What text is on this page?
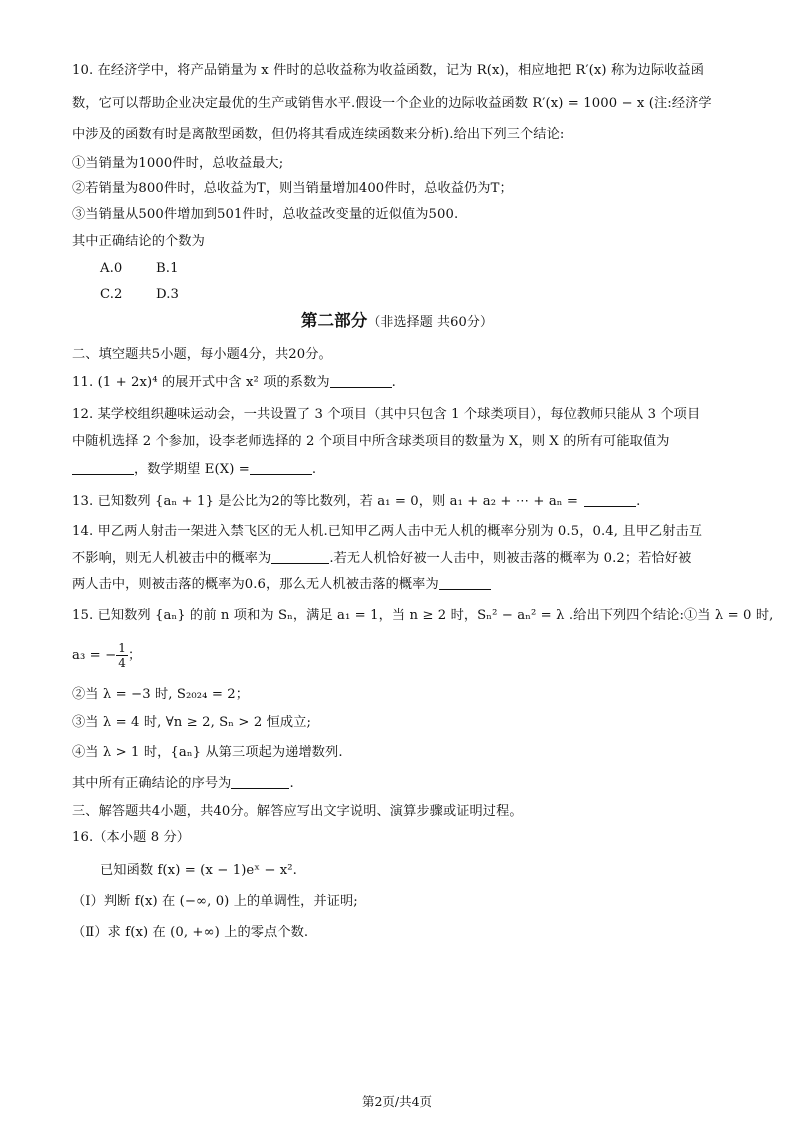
10. 在经济学中，将产品销量为 x 件时的总收益称为收益函数，记为 R(x)，相应地把 R′(x) 称为边际收益函
数，它可以帮助企业决定最优的生产或销售水平.假设一个企业的边际收益函数 R′(x) = 1000 − x (注:经济学
中涉及的函数有时是离散型函数，但仍将其看成连续函数来分析).给出下列三个结论:
①当销量为1000件时，总收益最大;
②若销量为800件时，总收益为T，则当销量增加400件时，总收益仍为T；
③当销量从500件增加到501件时，总收益改变量的近似值为500.
其中正确结论的个数为
A.0	B.1
C.2	D.3
第二部分（非选择题 共60分）
二、填空题共5小题，每小题4分，共20分。
11. (1 + 2x)⁴ 的展开式中含 x² 项的系数为	.
12. 某学校组织趣味运动会，一共设置了 3 个项目（其中只包含 1 个球类项目），每位教师只能从 3 个项目
中随机选择 2 个参加，设李老师选择的 2 个项目中所含球类项目的数量为 X，则 X 的所有可能取值为
，数学期望 E(X) =	.
13. 已知数列 {aₙ + 1} 是公比为2的等比数列，若 a₁ = 0，则 a₁ + a₂ + ⋯ + aₙ =	.
14. 甲乙两人射击一架进入禁飞区的无人机.已知甲乙两人击中无人机的概率分别为 0.5，0.4, 且甲乙射击互
不影响，则无人机被击中的概率为	.若无人机恰好被一人击中，则被击落的概率为 0.2；若恰好被
两人击中，则被击落的概率为0.6，那么无人机被击落的概率为
15. 已知数列 {aₙ} 的前 n 项和为 Sₙ，满足 a₁ = 1，当 n ≥ 2 时，Sₙ² − aₙ² = λ .给出下列四个结论:①当 λ = 0 时,
a₃ = − $\frac{1}{4}$ ；
②当 λ = −3 时, S₂₀₂₄ = 2；
③当 λ = 4 时, ∀n ≥ 2, Sₙ > 2 恒成立;
④当 λ > 1 时，{aₙ} 从第三项起为递增数列.
其中所有正确结论的序号为	.
三、解答题共4小题，共40分。解答应写出文字说明、演算步骤或证明过程。
16.（本小题 8 分）
已知函数 f(x) = (x − 1)eˣ − x².
（Ⅰ）判断 f(x) 在 (−∞, 0) 上的单调性，并证明;
（Ⅱ）求 f(x) 在 (0, +∞) 上的零点个数.
第2页/共4页
